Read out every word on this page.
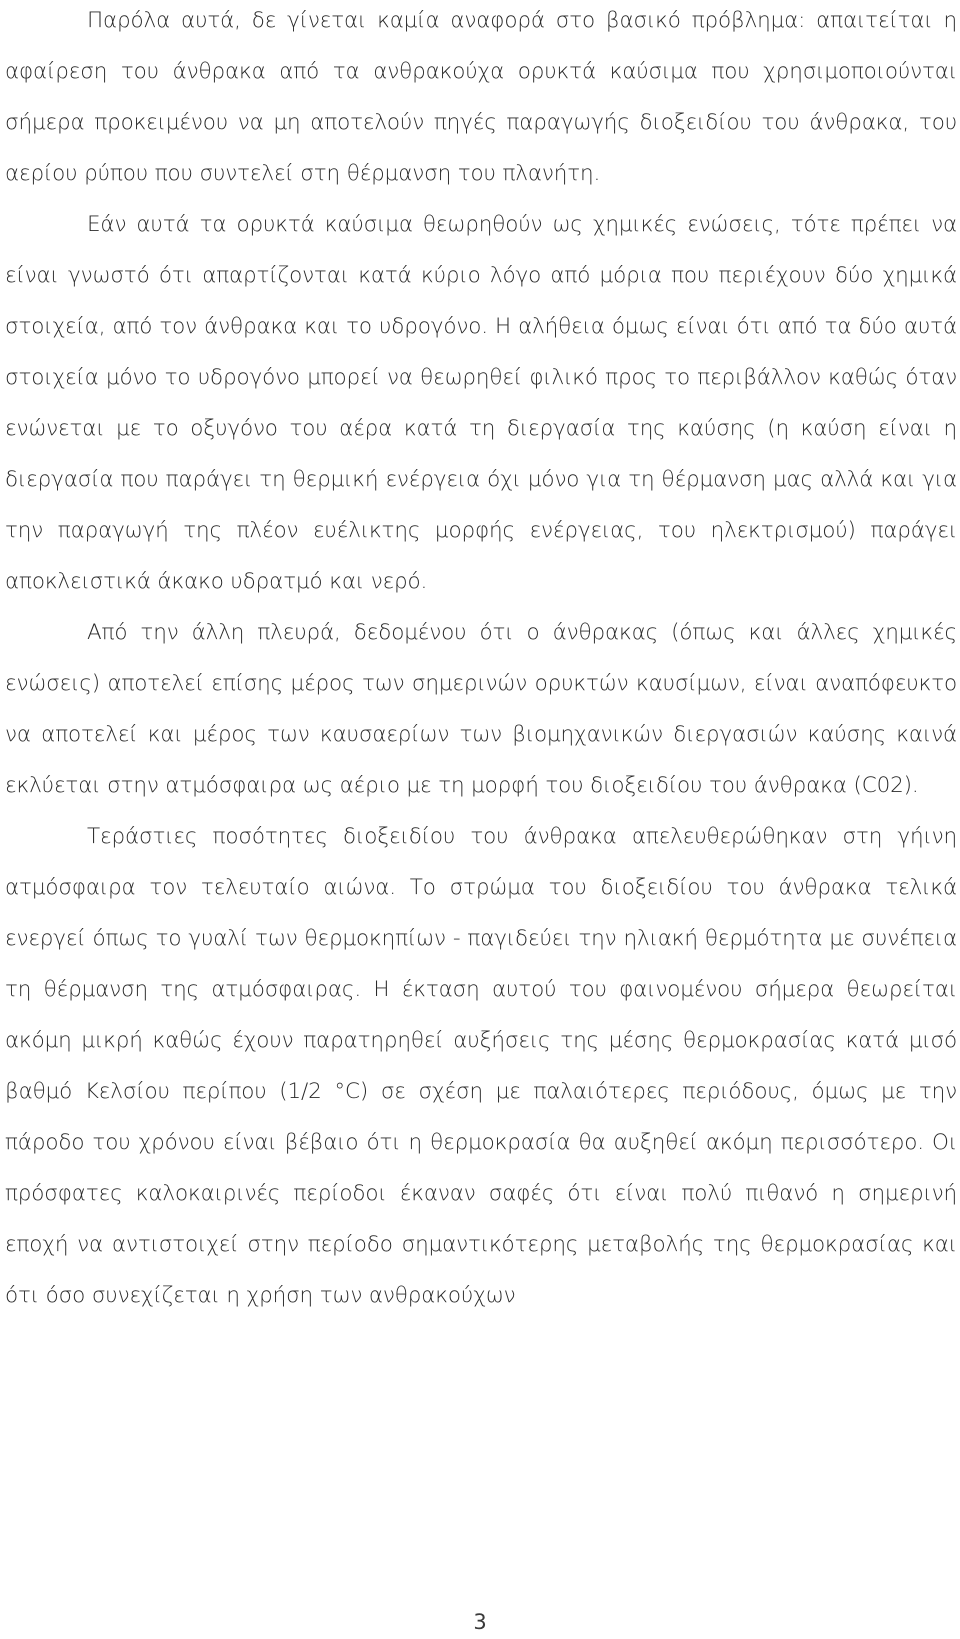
Παρόλα αυτά, δε γίνεται καμία αναφορά στο βασικό πρόβλημα: απαιτείται η αφαίρεση του άνθρακα από τα ανθρακούχα ορυκτά καύσιμα που χρησιμοποιούνται σήμερα προκειμένου να μη αποτελούν πηγές παραγωγής διοξειδίου του άνθρακα, του αερίου ρύπου που συντελεί στη θέρμανση του πλανήτη.

Εάν αυτά τα ορυκτά καύσιμα θεωρηθούν ως χημικές ενώσεις, τότε πρέπει να είναι γνωστό ότι απαρτίζονται κατά κύριο λόγο από μόρια που περιέχουν δύο χημικά στοιχεία, από τον άνθρακα και το υδρογόνο. Η αλήθεια όμως είναι ότι από τα δύο αυτά στοιχεία μόνο το υδρογόνο μπορεί να θεωρηθεί φιλικό προς το περιβάλλον καθώς όταν ενώνεται με το οξυγόνο του αέρα κατά τη διεργασία της καύσης (η καύση είναι η διεργασία που παράγει τη θερμική ενέργεια όχι μόνο για τη θέρμανση μας αλλά και για την παραγωγή της πλέον ευέλικτης μορφής ενέργειας, του ηλεκτρισμού) παράγει αποκλειστικά άκακο υδρατμό και νερό.

Από την άλλη πλευρά, δεδομένου ότι ο άνθρακας (όπως και άλλες χημικές ενώσεις) αποτελεί επίσης μέρος των σημερινών ορυκτών καυσίμων, είναι αναπόφευκτο να αποτελεί και μέρος των καυσαερίων των βιομηχανικών διεργασιών καύσης καινά εκλύεται στην ατμόσφαιρα ως αέριο με τη μορφή του διοξειδίου του άνθρακα (C02).

Τεράστιες ποσότητες διοξειδίου του άνθρακα απελευθερώθηκαν στη γήινη ατμόσφαιρα τον τελευταίο αιώνα. Το στρώμα του διοξειδίου του άνθρακα τελικά ενεργεί όπως το γυαλί των θερμοκηπίων - παγιδεύει την ηλιακή θερμότητα με συνέπεια τη θέρμανση της ατμόσφαιρας. Η έκταση αυτού του φαινομένου σήμερα θεωρείται ακόμη μικρή καθώς έχουν παρατηρηθεί αυξήσεις της μέσης θερμοκρασίας κατά μισό βαθμό Κελσίου περίπου (1/2 °C) σε σχέση με παλαιότερες περιόδους, όμως με την πάροδο του χρόνου είναι βέβαιο ότι η θερμοκρασία θα αυξηθεί ακόμη περισσότερο. Οι πρόσφατες καλοκαιρινές περίοδοι έκαναν σαφές ότι είναι πολύ πιθανό η σημερινή εποχή να αντιστοιχεί στην περίοδο σημαντικότερης μεταβολής της θερμοκρασίας και ότι όσο συνεχίζεται η χρήση των ανθρακούχων

3
